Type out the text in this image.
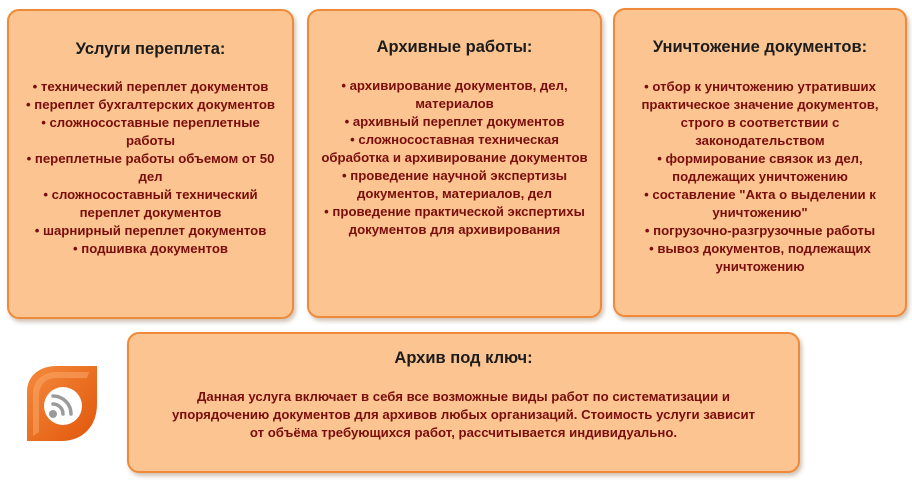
Услуги переплета:
• технический переплет документов
• переплет бухгалтерских документов
• сложносоставные переплетные работы
• переплетные работы объемом от 50 дел
• сложносоставный технический переплет документов
• шарнирный переплет документов
• подшивка документов
Архивные работы:
• архивирование документов, дел, материалов
• архивный переплет документов
• сложносоставная техническая обработка и архивирование документов
• проведение научной экспертизы документов, материалов, дел
• проведение практической экспертихы документов для архивирования
Уничтожение документов:
• отбор к уничтожению утративших практическое значение документов, строго в соответствии с законодательством
• формирование связок из дел, подлежащих уничтожению
• составление "Акта о выделении к уничтожению"
• погрузочно-разгрузочные работы
• вывоз документов, подлежащих уничтожению
Архив под ключ:

Данная услуга включает в себя все возможные виды работ по систематизации и упорядочению документов для архивов любых организаций. Стоимость услуги зависит от объёма требующихся работ, рассчитывается индивидуально.
